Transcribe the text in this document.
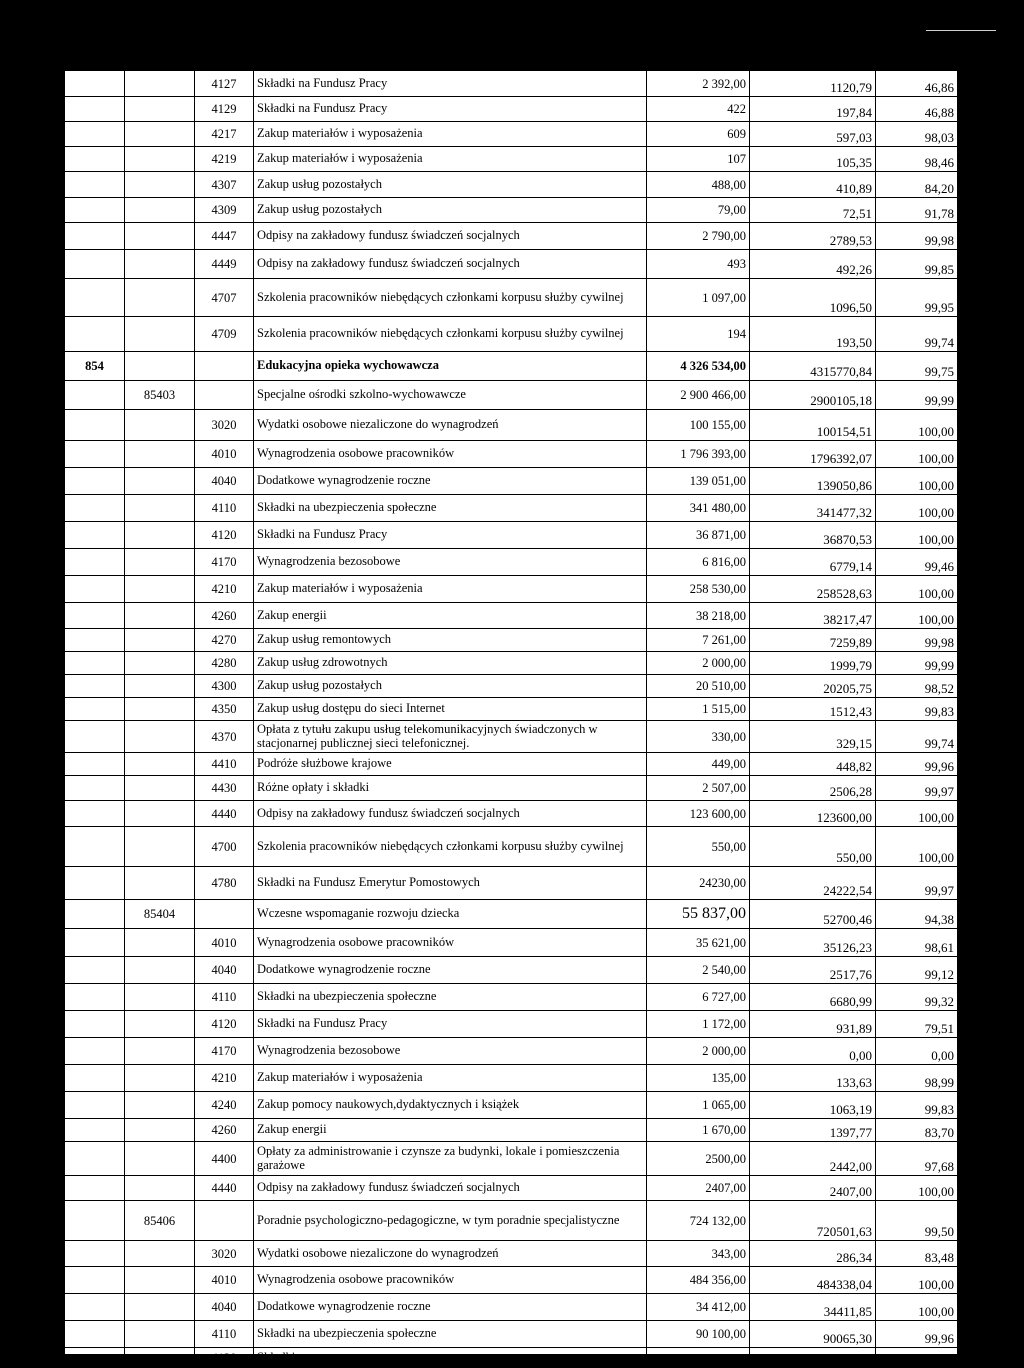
		4127	Składki na Fundusz Pracy	2 392,00	1120,79	46,86
		4129	Składki na Fundusz Pracy	422	197,84	46,88
		4217	Zakup materiałów i wyposażenia	609	597,03	98,03
		4219	Zakup materiałów i wyposażenia	107	105,35	98,46
		4307	Zakup usług pozostałych	488,00	410,89	84,20
		4309	Zakup usług pozostałych	79,00	72,51	91,78
		4447	Odpisy na zakładowy fundusz świadczeń socjalnych	2 790,00	2789,53	99,98
		4449	Odpisy na zakładowy fundusz świadczeń socjalnych	493	492,26	99,85
		4707	Szkolenia pracowników niebędących członkami korpusu służby cywilnej	1 097,00	1096,50	99,95
		4709	Szkolenia pracowników niebędących członkami korpusu służby cywilnej	194	193,50	99,74
854			Edukacyjna opieka wychowawcza	4 326 534,00	4315770,84	99,75
	85403		Specjalne ośrodki szkolno-wychowawcze	2 900 466,00	2900105,18	99,99
		3020	Wydatki osobowe niezaliczone do wynagrodzeń	100 155,00	100154,51	100,00
		4010	Wynagrodzenia osobowe pracowników	1 796 393,00	1796392,07	100,00
		4040	Dodatkowe wynagrodzenie roczne	139 051,00	139050,86	100,00
		4110	Składki na ubezpieczenia społeczne	341 480,00	341477,32	100,00
		4120	Składki na Fundusz Pracy	36 871,00	36870,53	100,00
		4170	Wynagrodzenia bezosobowe	6 816,00	6779,14	99,46
		4210	Zakup materiałów i wyposażenia	258 530,00	258528,63	100,00
		4260	Zakup energii	38 218,00	38217,47	100,00
		4270	Zakup usług remontowych	7 261,00	7259,89	99,98
		4280	Zakup usług zdrowotnych	2 000,00	1999,79	99,99
		4300	Zakup usług pozostałych	20 510,00	20205,75	98,52
		4350	Zakup usług dostępu do sieci Internet	1 515,00	1512,43	99,83
		4370	Opłata z tytułu zakupu usług telekomunikacyjnych świadczonych w stacjonarnej publicznej sieci telefonicznej.	330,00	329,15	99,74
		4410	Podróże służbowe krajowe	449,00	448,82	99,96
		4430	Różne opłaty i składki	2 507,00	2506,28	99,97
		4440	Odpisy na zakładowy fundusz świadczeń socjalnych	123 600,00	123600,00	100,00
		4700	Szkolenia pracowników niebędących członkami korpusu służby cywilnej	550,00	550,00	100,00
		4780	Składki na Fundusz Emerytur Pomostowych	24230,00	24222,54	99,97
	85404		Wczesne wspomaganie rozwoju dziecka	55 837,00	52700,46	94,38
		4010	Wynagrodzenia osobowe pracowników	35 621,00	35126,23	98,61
		4040	Dodatkowe wynagrodzenie roczne	2 540,00	2517,76	99,12
		4110	Składki na ubezpieczenia społeczne	6 727,00	6680,99	99,32
		4120	Składki na Fundusz Pracy	1 172,00	931,89	79,51
		4170	Wynagrodzenia bezosobowe	2 000,00	0,00	0,00
		4210	Zakup materiałów i wyposażenia	135,00	133,63	98,99
		4240	Zakup pomocy naukowych,dydaktycznych i książek	1 065,00	1063,19	99,83
		4260	Zakup energii	1 670,00	1397,77	83,70
		4400	Opłaty za administrowanie i czynsze za budynki, lokale i pomieszczenia garażowe	2500,00	2442,00	97,68
		4440	Odpisy na zakładowy fundusz świadczeń socjalnych	2407,00	2407,00	100,00
	85406		Poradnie psychologiczno-pedagogiczne, w tym poradnie specjalistyczne	724 132,00	720501,63	99,50
		3020	Wydatki osobowe niezaliczone do wynagrodzeń	343,00	286,34	83,48
		4010	Wynagrodzenia osobowe pracowników	484 356,00	484338,04	100,00
		4040	Dodatkowe wynagrodzenie roczne	34 412,00	34411,85	100,00
		4110	Składki na ubezpieczenia społeczne	90 100,00	90065,30	99,96
		4120	Składki na			
